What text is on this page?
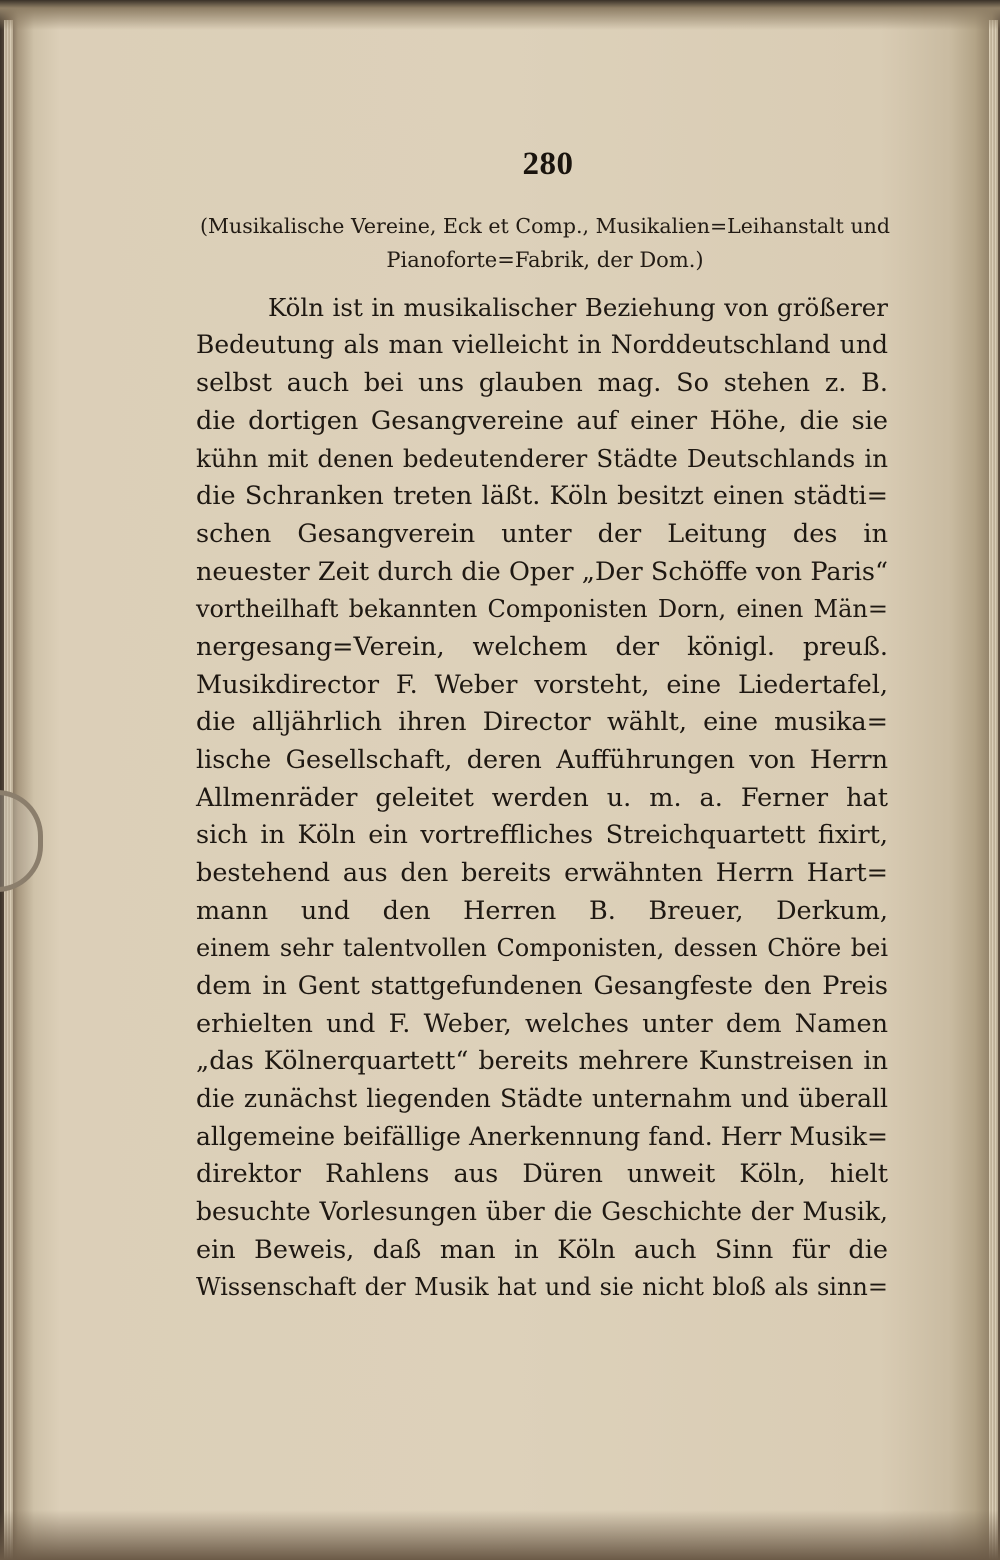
280
(Musikalische Vereine, Eck et Comp., Musikalien=Leihanstalt und
Pianoforte=Fabrik, der Dom.)
Köln ist in musikalischer Beziehung von größerer
Bedeutung als man vielleicht in Norddeutschland und
selbst auch bei uns glauben mag. So stehen z. B.
die dortigen Gesangvereine auf einer Höhe, die sie
kühn mit denen bedeutenderer Städte Deutschlands in
die Schranken treten läßt. Köln besitzt einen städti=
schen Gesangverein unter der Leitung des in
neuester Zeit durch die Oper „Der Schöffe von Paris“
vortheilhaft bekannten Componisten Dorn, einen Män=
nergesang=Verein, welchem der königl. preuß.
Musikdirector F. Weber vorsteht, eine Liedertafel,
die alljährlich ihren Director wählt, eine musika=
lische Gesellschaft, deren Aufführungen von Herrn
Allmenräder geleitet werden u. m. a. Ferner hat
sich in Köln ein vortreffliches Streichquartett fixirt,
bestehend aus den bereits erwähnten Herrn Hart=
mann und den Herren B. Breuer, Derkum,
einem sehr talentvollen Componisten, dessen Chöre bei
dem in Gent stattgefundenen Gesangfeste den Preis
erhielten und F. Weber, welches unter dem Namen
„das Kölnerquartett“ bereits mehrere Kunstreisen in
die zunächst liegenden Städte unternahm und überall
allgemeine beifällige Anerkennung fand. Herr Musik=
direktor Rahlens aus Düren unweit Köln, hielt
besuchte Vorlesungen über die Geschichte der Musik,
ein Beweis, daß man in Köln auch Sinn für die
Wissenschaft der Musik hat und sie nicht bloß als sinn=
